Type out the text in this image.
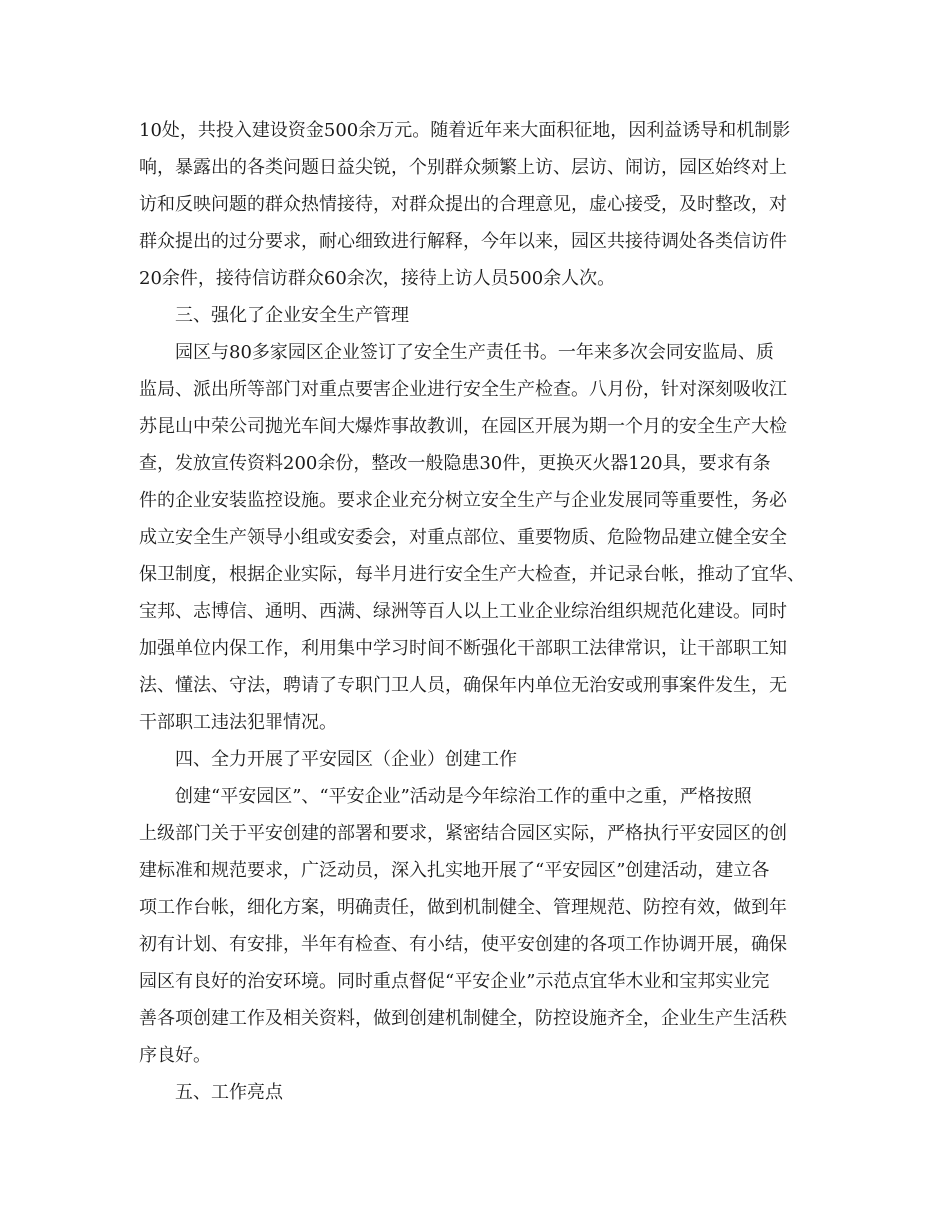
10处，共投入建设资金500余万元。随着近年来大面积征地，因利益诱导和机制影
响，暴露出的各类问题日益尖锐，个别群众频繁上访、层访、闹访，园区始终对上
访和反映问题的群众热情接待，对群众提出的合理意见，虚心接受，及时整改，对
群众提出的过分要求，耐心细致进行解释，今年以来，园区共接待调处各类信访件
20余件，接待信访群众60余次，接待上访人员500余人次。
三、强化了企业安全生产管理
园区与80多家园区企业签订了安全生产责任书。一年来多次会同安监局、质
监局、派出所等部门对重点要害企业进行安全生产检查。八月份，针对深刻吸收江
苏昆山中荣公司抛光车间大爆炸事故教训，在园区开展为期一个月的安全生产大检
查，发放宣传资料200余份，整改一般隐患30件，更换灭火器120具，要求有条
件的企业安装监控设施。要求企业充分树立安全生产与企业发展同等重要性，务必
成立安全生产领导小组或安委会，对重点部位、重要物质、危险物品建立健全安全
保卫制度，根据企业实际，每半月进行安全生产大检查，并记录台帐，推动了宜华、
宝邦、志博信、通明、西满、绿洲等百人以上工业企业综治组织规范化建设。同时
加强单位内保工作，利用集中学习时间不断强化干部职工法律常识，让干部职工知
法、懂法、守法，聘请了专职门卫人员，确保年内单位无治安或刑事案件发生，无
干部职工违法犯罪情况。
四、全力开展了平安园区（企业）创建工作
创建“平安园区”、“平安企业”活动是今年综治工作的重中之重，严格按照
上级部门关于平安创建的部署和要求，紧密结合园区实际，严格执行平安园区的创
建标准和规范要求，广泛动员，深入扎实地开展了“平安园区”创建活动，建立各
项工作台帐，细化方案，明确责任，做到机制健全、管理规范、防控有效，做到年
初有计划、有安排，半年有检查、有小结，使平安创建的各项工作协调开展，确保
园区有良好的治安环境。同时重点督促“平安企业”示范点宜华木业和宝邦实业完
善各项创建工作及相关资料，做到创建机制健全，防控设施齐全，企业生产生活秩
序良好。
五、工作亮点
